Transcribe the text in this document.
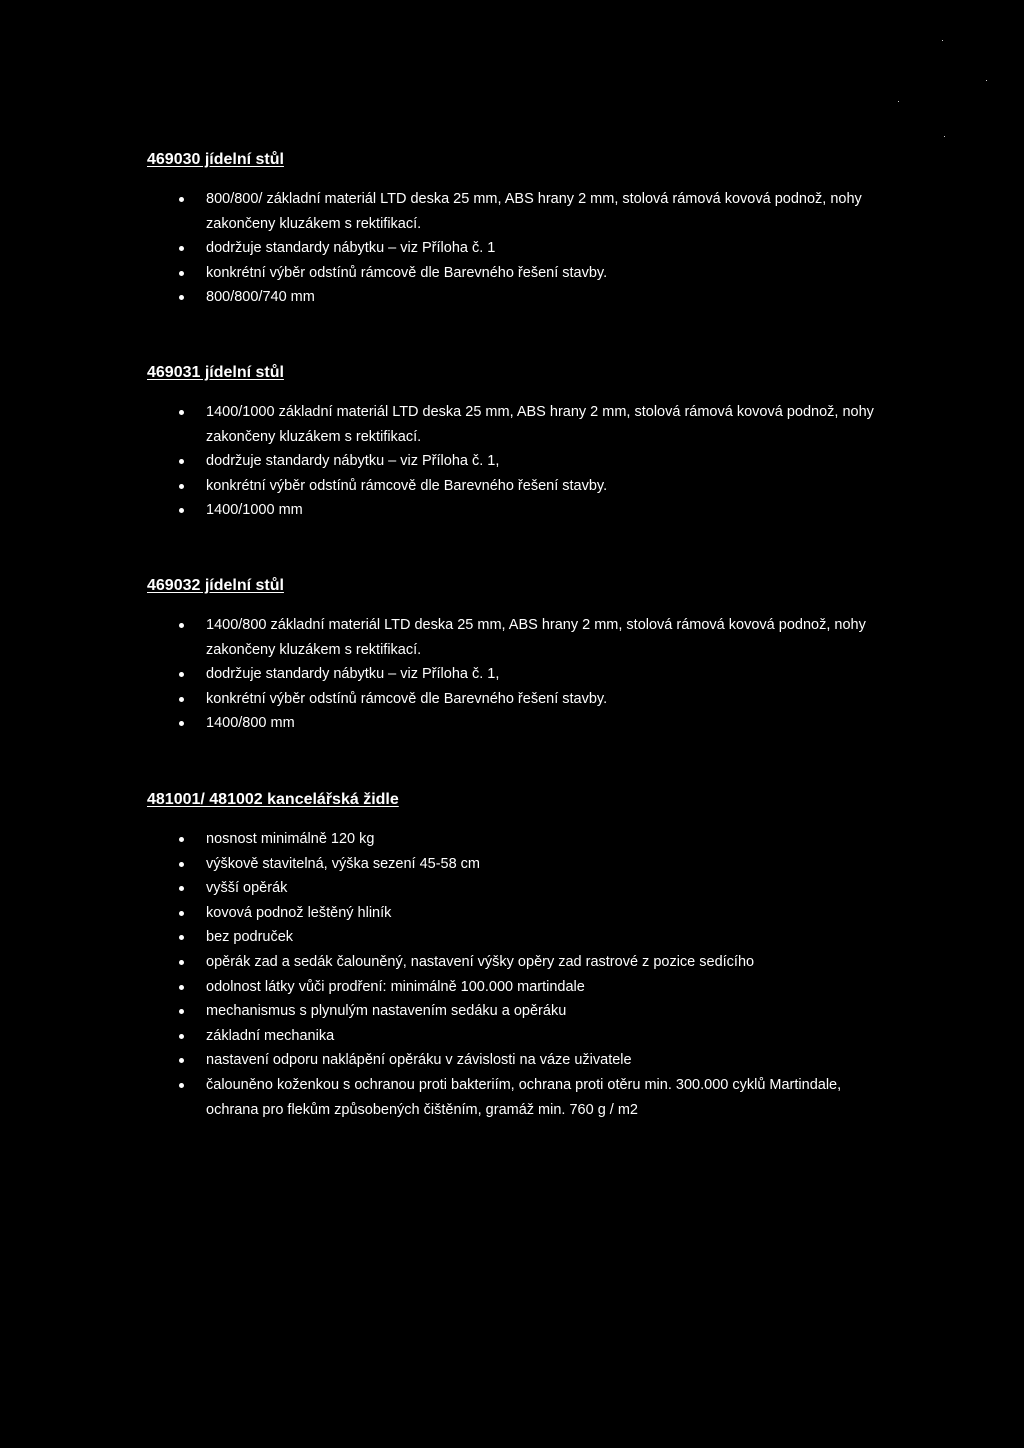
469030 jídelní stůl
800/800/ základní materiál LTD deska 25 mm, ABS hrany 2 mm, stolová rámová kovová podnož, nohy zakončeny kluzákem s rektifikací.
dodržuje standardy nábytku – viz Příloha č. 1
konkrétní výběr odstínů rámcově dle Barevného řešení stavby.
800/800/740 mm
469031 jídelní stůl
1400/1000 základní materiál LTD deska 25 mm, ABS hrany 2 mm, stolová rámová kovová podnož, nohy zakončeny kluzákem s rektifikací.
dodržuje standardy nábytku – viz Příloha č. 1,
konkrétní výběr odstínů rámcově dle Barevného řešení stavby.
1400/1000 mm
469032 jídelní stůl
1400/800 základní materiál LTD deska 25 mm, ABS hrany 2 mm, stolová rámová kovová podnož, nohy zakončeny kluzákem s rektifikací.
dodržuje standardy nábytku – viz Příloha č. 1,
konkrétní výběr odstínů rámcově dle Barevného řešení stavby.
1400/800 mm
481001/ 481002 kancelářská židle
nosnost minimálně 120 kg
výškově stavitelná, výška sezení 45-58 cm
vyšší opěrák
kovová podnož leštěný hliník
bez područek
opěrák zad a sedák čalouněný, nastavení výšky opěry zad rastrové z pozice sedícího
odolnost látky vůči prodření: minimálně 100.000 martindale
mechanismus s plynulým nastavením sedáku a opěráku
základní mechanika
nastavení odporu naklápění opěráku v závislosti na váze uživatele
čalouněno koženkou s ochranou proti bakteriím, ochrana proti otěru min. 300.000 cyklů Martindale, ochrana pro flekům způsobených čištěním, gramáž min. 760 g / m2
